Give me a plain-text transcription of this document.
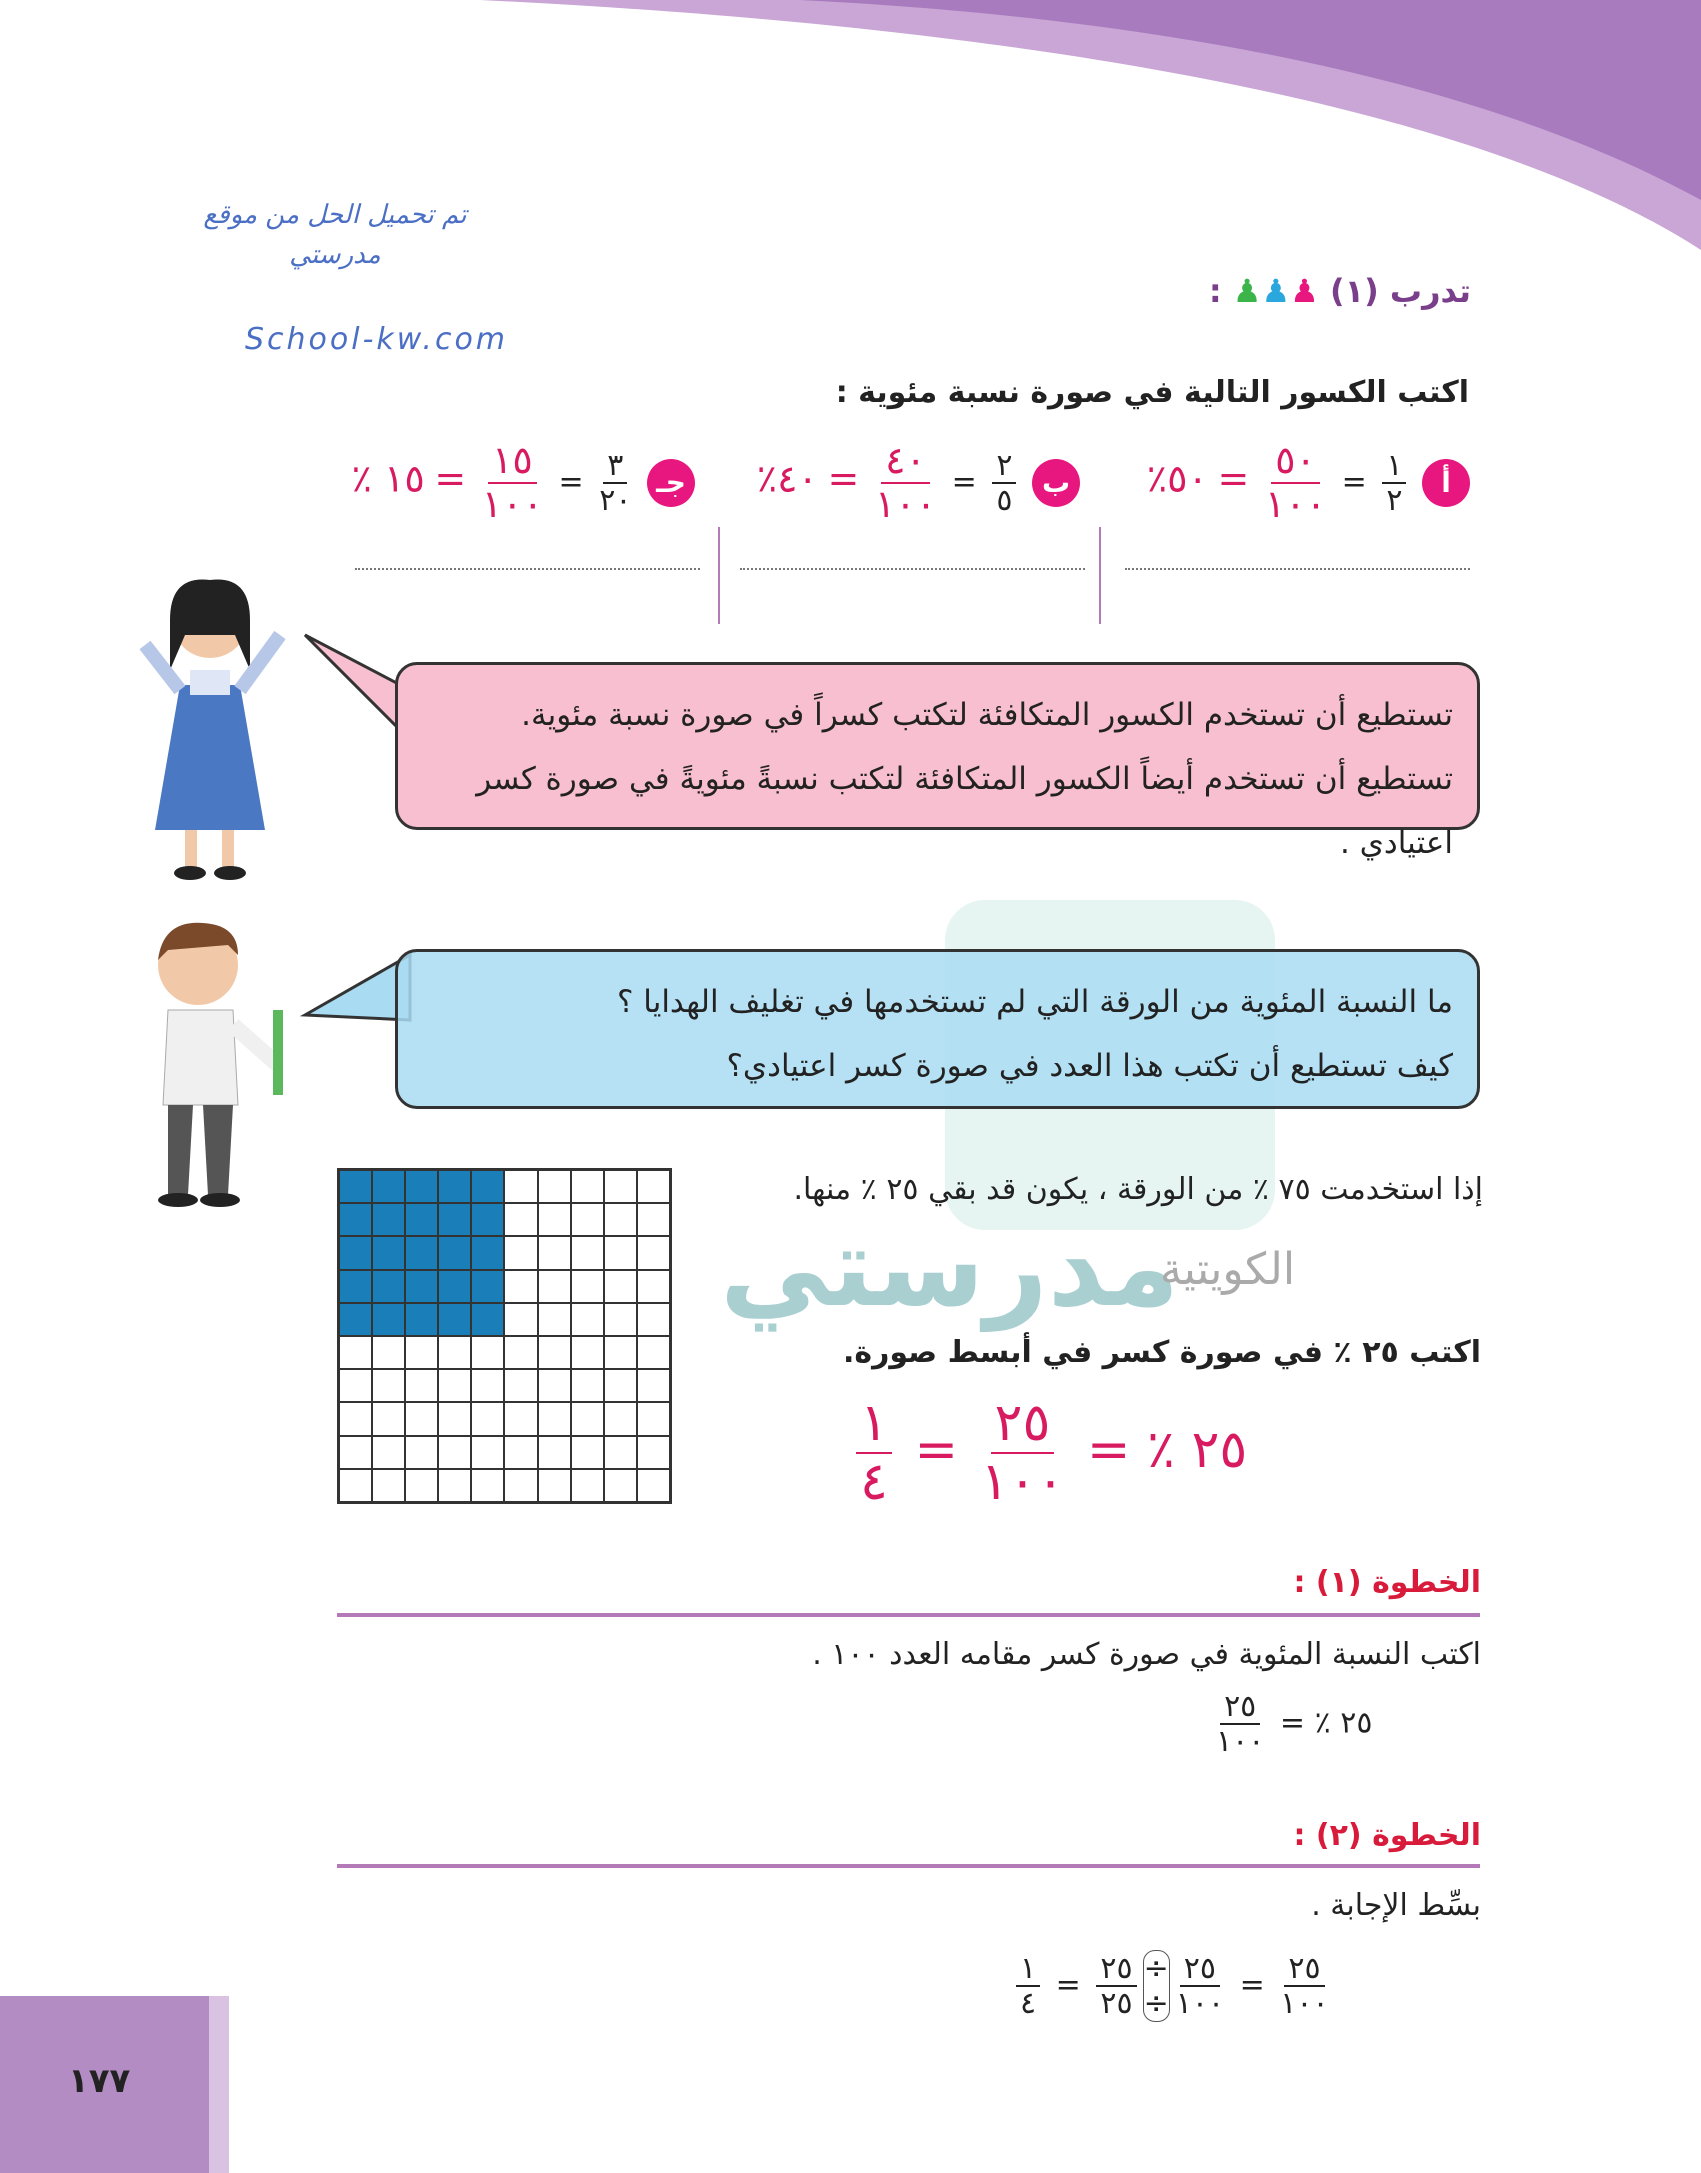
تم تحميل الحل من موقع
مدرستي
School-kw.com
تدرب (١) ♟♟♟ :
اكتب الكسور التالية في صورة نسبة مئوية :
أ
$\frac{١}{٢}$
=
$\frac{٥٠}{١٠٠}$
= ٥٠٪
ب
$\frac{٢}{٥}$
=
$\frac{٤٠}{١٠٠}$
= ٤٠٪
جـ
$\frac{٣}{٢٠}$
=
$\frac{١٥}{١٠٠}$
= ١٥ ٪
تستطيع أن تستخدم الكسور المتكافئة لتكتب كسراً في صورة نسبة مئوية.
تستطيع أن تستخدم أيضاً الكسور المتكافئة لتكتب نسبةً مئويةً في صورة كسر اعتيادي .
ما النسبة المئوية من الورقة التي لم تستخدمها في تغليف الهدايا ؟
كيف تستطيع أن تكتب هذا العدد في صورة كسر اعتيادي؟
إذا استخدمت ٧٥ ٪ من الورقة ، يكون قد بقي ٢٥ ٪ منها.
اكتب ٢٥ ٪ في صورة كسر في أبسط صورة.
٢٥ ٪ =
$\frac{٢٥}{١٠٠}$
=
$\frac{١}{٤}$
الخطوة (١) :
اكتب النسبة المئوية في صورة كسر مقامه العدد ١٠٠ .
٢٥ ٪ =
$\frac{٢٥}{١٠٠}$
الخطوة (٢) :
بسِّط الإجابة .
$\frac{٢٥}{١٠٠}$
=
$\frac{٢٥}{١٠٠}$
÷
÷
$\frac{٢٥}{٢٥}$
=
$\frac{١}{٤}$
١٧٧
مدرستي
الكويتية
